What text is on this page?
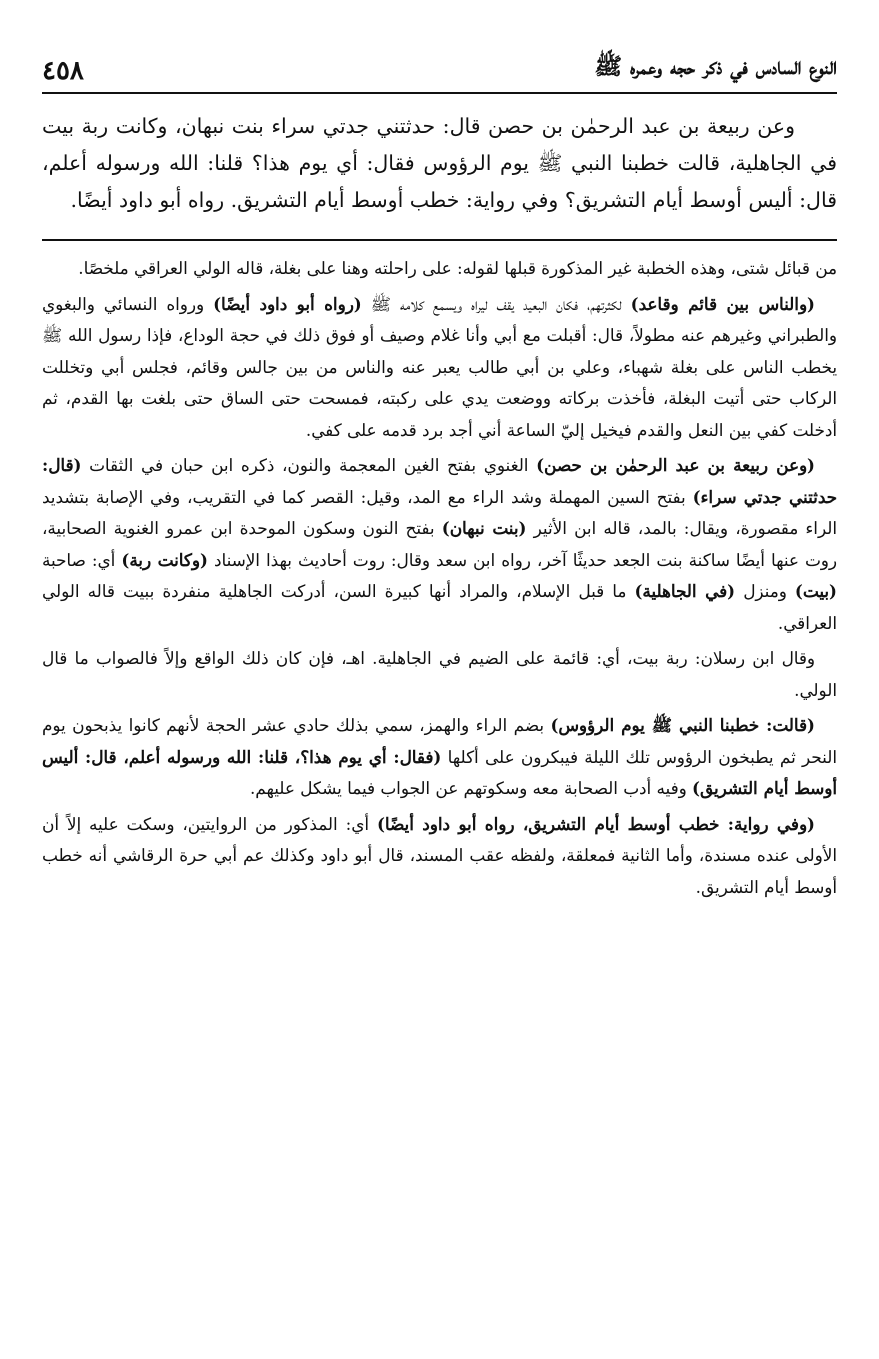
النوع السادس في ذكر حجه وعمره ﷺ
٤٥٨

وعن ربيعة بن عبد الرحمٰن بن حصن قال: حدثتني جدتي سراء بنت نبهان، وكانت ربة بيت في الجاهلية، قالت خطبنا النبي ﷺ يوم الرؤوس فقال: أي يوم هذا؟ قلنا: الله ورسوله أعلم، قال: أليس أوسط أيام التشريق؟ وفي رواية: خطب أوسط أيام التشريق. رواه أبو داود أيضًا.

من قبائل شتى، وهذه الخطبة غير المذكورة قبلها لقوله: على راحلته وهنا على بغلة، قاله الولي العراقي ملخصًا.

(والناس بين قائم وقاعد) لكثرتهم، فكان البعيد يقف ليراه ويسمع كلامه ﷺ (رواه أبو داود أيضًا) ورواه النسائي والبغوي والطبراني وغيرهم عنه مطولاً، قال: أقبلت مع أبي وأنا غلام وصيف أو فوق ذلك في حجة الوداع، فإذا رسول الله ﷺ يخطب الناس على بغلة شهباء، وعلي بن أبي طالب يعبر عنه والناس من بين جالس وقائم، فجلس أبي وتخللت الركاب حتى أتيت البغلة، فأخذت بركاته ووضعت يدي على ركبته، فمسحت حتى الساق حتى بلغت بها القدم، ثم أدخلت كفي بين النعل والقدم فيخيل إليّ الساعة أني أجد برد قدمه على كفي.

(وعن ربيعة بن عبد الرحمٰن بن حصن) الغنوي بفتح الغين المعجمة والنون، ذكره ابن حبان في الثقات (قال: حدثتني جدتي سراء) بفتح السين المهملة وشد الراء مع المد، وقيل: القصر كما في التقريب، وفي الإصابة بتشديد الراء مقصورة، ويقال: بالمد، قاله ابن الأثير (بنت نبهان) بفتح النون وسكون الموحدة ابن عمرو الغنوية الصحابية، روت عنها أيضًا ساكنة بنت الجعد حديثًا آخر، رواه ابن سعد وقال: روت أحاديث بهذا الإسناد (وكانت ربة) أي: صاحبة (بيت) ومنزل (في الجاهلية) ما قبل الإسلام، والمراد أنها كبيرة السن، أدركت الجاهلية منفردة ببيت قاله الولي العراقي.

وقال ابن رسلان: ربة بيت، أي: قائمة على الضيم في الجاهلية. اهـ، فإن كان ذلك الواقع وإلاً فالصواب ما قال الولي.

(قالت: خطبنا النبي ﷺ يوم الرؤوس) بضم الراء والهمز، سمي بذلك حادي عشر الحجة لأنهم كانوا يذبحون يوم النحر ثم يطبخون الرؤوس تلك الليلة فيبكرون على أكلها (فقال: أي يوم هذا؟، قلنا: الله ورسوله أعلم، قال: أليس أوسط أيام التشريق) وفيه أدب الصحابة معه وسكوتهم عن الجواب فيما يشكل عليهم.

(وفي رواية: خطب أوسط أيام التشريق، رواه أبو داود أيضًا) أي: المذكور من الروايتين، وسكت عليه إلاً أن الأولى عنده مسندة، وأما الثانية فمعلقة، ولفظه عقب المسند، قال أبو داود وكذلك عم أبي حرة الرقاشي أنه خطب أوسط أيام التشريق.
